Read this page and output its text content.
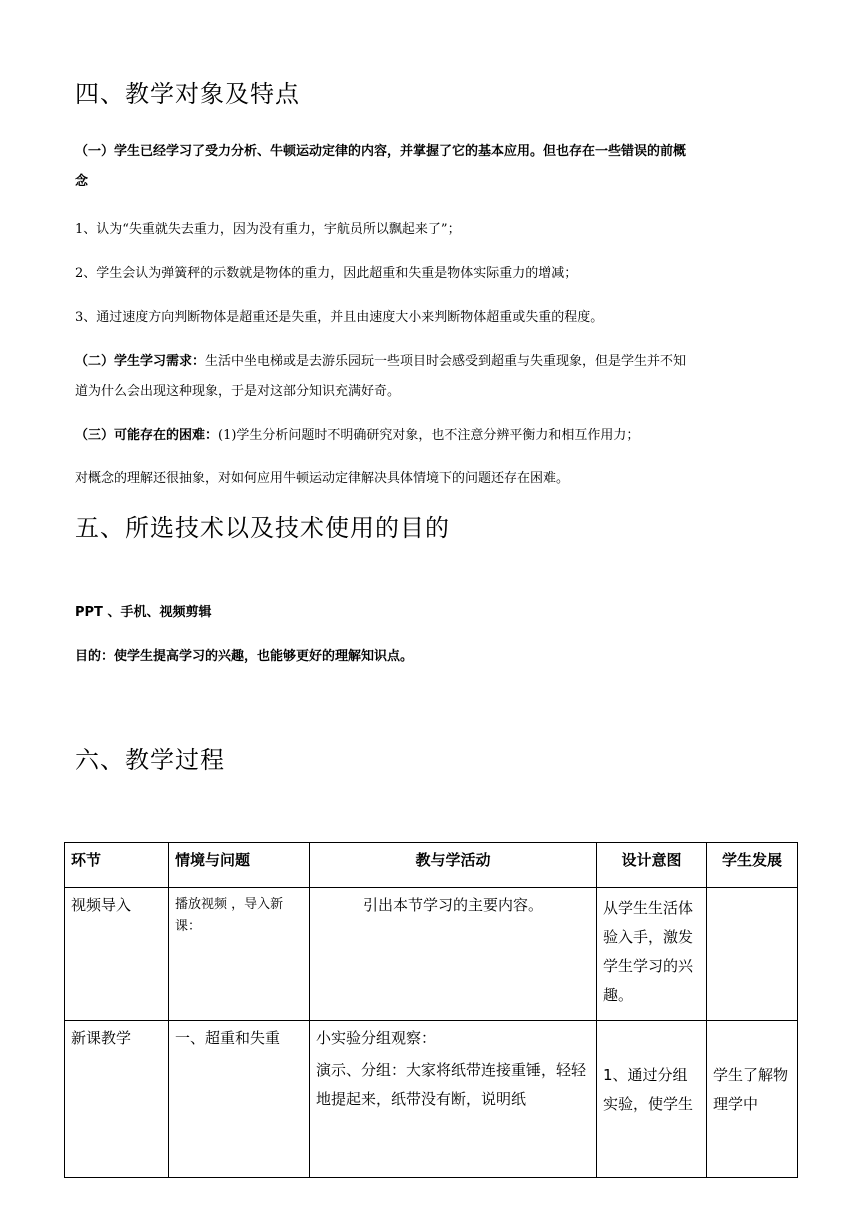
四、教学对象及特点

（一）学生已经学习了受力分析、牛顿运动定律的内容，并掌握了它的基本应用。但也存在一些错误的前概

念

1、认为“失重就失去重力，因为没有重力，宇航员所以飘起来了”；

2、学生会认为弹簧秤的示数就是物体的重力，因此超重和失重是物体实际重力的增减；

3、通过速度方向判断物体是超重还是失重，并且由速度大小来判断物体超重或失重的程度。

（二）学生学习需求：生活中坐电梯或是去游乐园玩一些项目时会感受到超重与失重现象，但是学生并不知

道为什么会出现这种现象，于是对这部分知识充满好奇。

（三）可能存在的困难：(1)学生分析问题时不明确研究对象，也不注意分辨平衡力和相互作用力；

对概念的理解还很抽象，对如何应用牛顿运动定律解决具体情境下的问题还存在困难。

五、所选技术以及技术使用的目的

PPT 、手机、视频剪辑

目的：使学生提高学习的兴趣，也能够更好的理解知识点。

六、教学过程
环节	情境与问题	教与学活动	设计意图	学生发展
视频导入	播放视频 ，导入新课：	引出本节学习的主要内容。	从学生生活体验入手，激发学生学习的兴趣。	
新课教学	一、超重和失重	小实验分组观察：
演示、分组：大家将纸带连接重锤，轻轻地提起来，纸带没有断，说明纸	1、通过分组实验，使学生	学生了解物理学中
